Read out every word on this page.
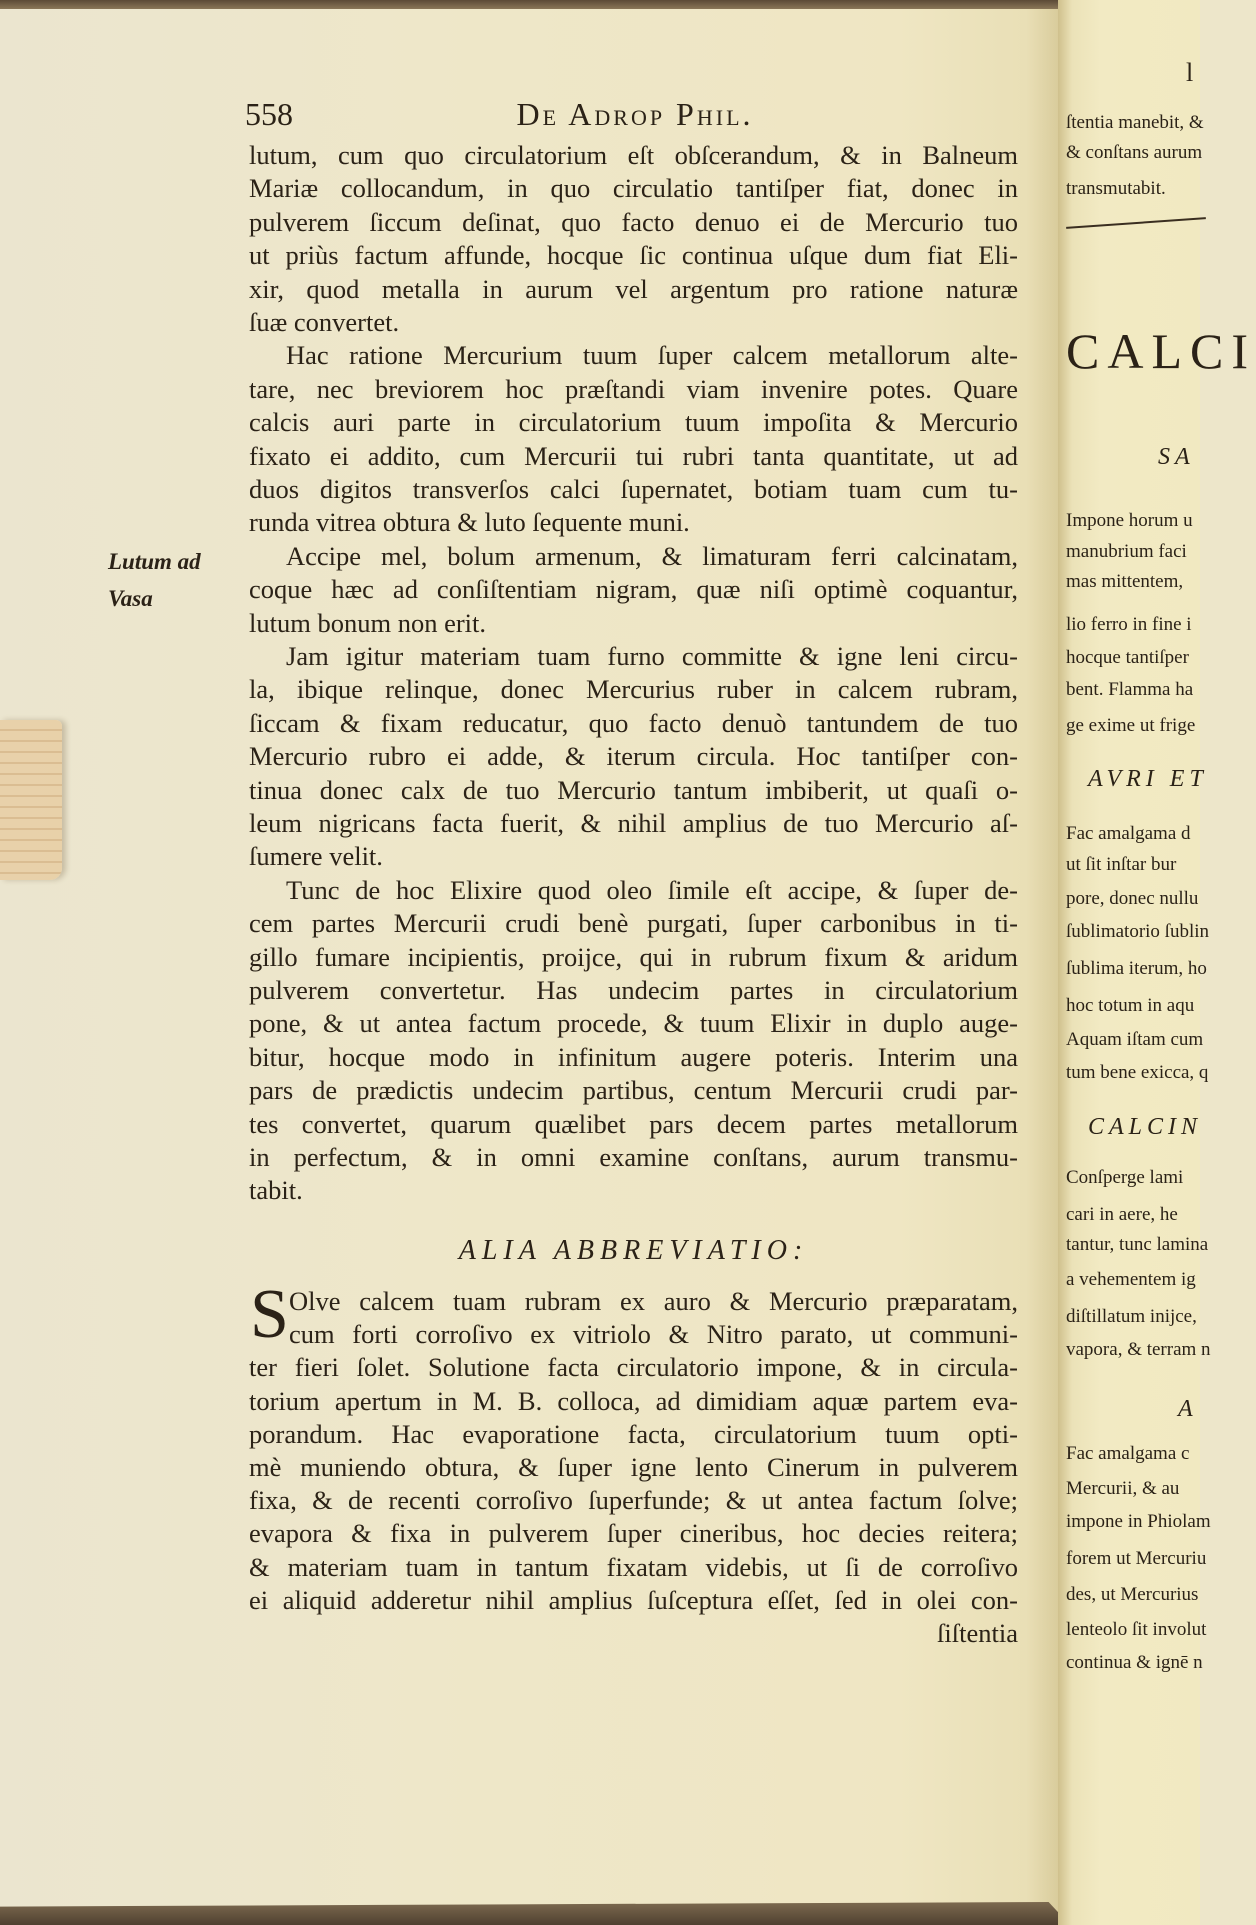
558	De Adrop Phil.
Lutum ad
Vasa
lutum, cum quo circulatorium eſt obſcerandum, & in Balneum
Mariæ collocandum, in quo circulatio tantiſper fiat, donec in
pulverem ſiccum deſinat, quo facto denuo ei de Mercurio tuo
ut priùs factum affunde, hocque ſic continua uſque dum fiat Eli-
xir, quod metalla in aurum vel argentum pro ratione naturæ
ſuæ convertet.
Hac ratione Mercurium tuum ſuper calcem metallorum alte-
tare, nec breviorem hoc præſtandi viam invenire potes. Quare
calcis auri parte in circulatorium tuum impoſita & Mercurio
fixato ei addito, cum Mercurii tui rubri tanta quantitate, ut ad
duos digitos transverſos calci ſupernatet, botiam tuam cum tu-
runda vitrea obtura & luto ſequente muni.
Accipe mel, bolum armenum, & limaturam ferri calcinatam,
coque hæc ad conſiſtentiam nigram, quæ niſi optimè coquantur,
lutum bonum non erit.
Jam igitur materiam tuam furno committe & igne leni circu-
la, ibique relinque, donec Mercurius ruber in calcem rubram,
ſiccam & fixam reducatur, quo facto denuò tantundem de tuo
Mercurio rubro ei adde, & iterum circula. Hoc tantiſper con-
tinua donec calx de tuo Mercurio tantum imbiberit, ut quaſi o-
leum nigricans facta fuerit, & nihil amplius de tuo Mercurio aſ-
ſumere velit.
Tunc de hoc Elixire quod oleo ſimile eſt accipe, & ſuper de-
cem partes Mercurii crudi benè purgati, ſuper carbonibus in ti-
gillo fumare incipientis, proijce, qui in rubrum fixum & aridum
pulverem convertetur. Has undecim partes in circulatorium
pone, & ut antea factum procede, & tuum Elixir in duplo auge-
bitur, hocque modo in infinitum augere poteris. Interim una
pars de prædictis undecim partibus, centum Mercurii crudi par-
tes convertet, quarum quælibet pars decem partes metallorum
in perfectum, & in omni examine conſtans, aurum transmu-
tabit.
ALIA ABBREVIATIO:
S Olve calcem tuam rubram ex auro & Mercurio præparatam,
cum forti corroſivo ex vitriolo & Nitro parato, ut communi-
ter fieri ſolet. Solutione facta circulatorio impone, & in circula-
torium apertum in M. B. colloca, ad dimidiam aquæ partem eva-
porandum. Hac evaporatione facta, circulatorium tuum opti-
mè muniendo obtura, & ſuper igne lento Cinerum in pulverem
fixa, & de recenti corroſivo ſuperfunde; & ut antea factum ſolve;
evapora & fixa in pulverem ſuper cineribus, hoc decies reitera;
& materiam tuam in tantum fixatam videbis, ut ſi de corroſivo
ei aliquid adderetur nihil amplius ſuſceptura eſſet, ſed in olei con-
ſiſtentia
l
ſtentia manebit, &
& conſtans aurum
transmutabit.
CALCI
SA
Impone horum u
manubrium faci
mas mittentem,
lio ferro in fine i
hocque tantiſper
bent. Flamma ha
ge exime ut frige
AVRI ET
Fac amalgama d
ut ſit inſtar bur
pore, donec nullu
ſublimatorio ſublin
ſublima iterum, ho
hoc totum in aqu
Aquam iſtam cum
tum bene exicca, q
CALCIN
Conſperge lami
cari in aere, he
tantur, tunc lamina
a vehementem ig
diſtillatum inijce,
vapora, & terram n
A
Fac amalgama c
Mercurii, & au
impone in Phiolam
forem ut Mercuriu
des, ut Mercurius
lenteolo ſit involut
continua & ignē n
